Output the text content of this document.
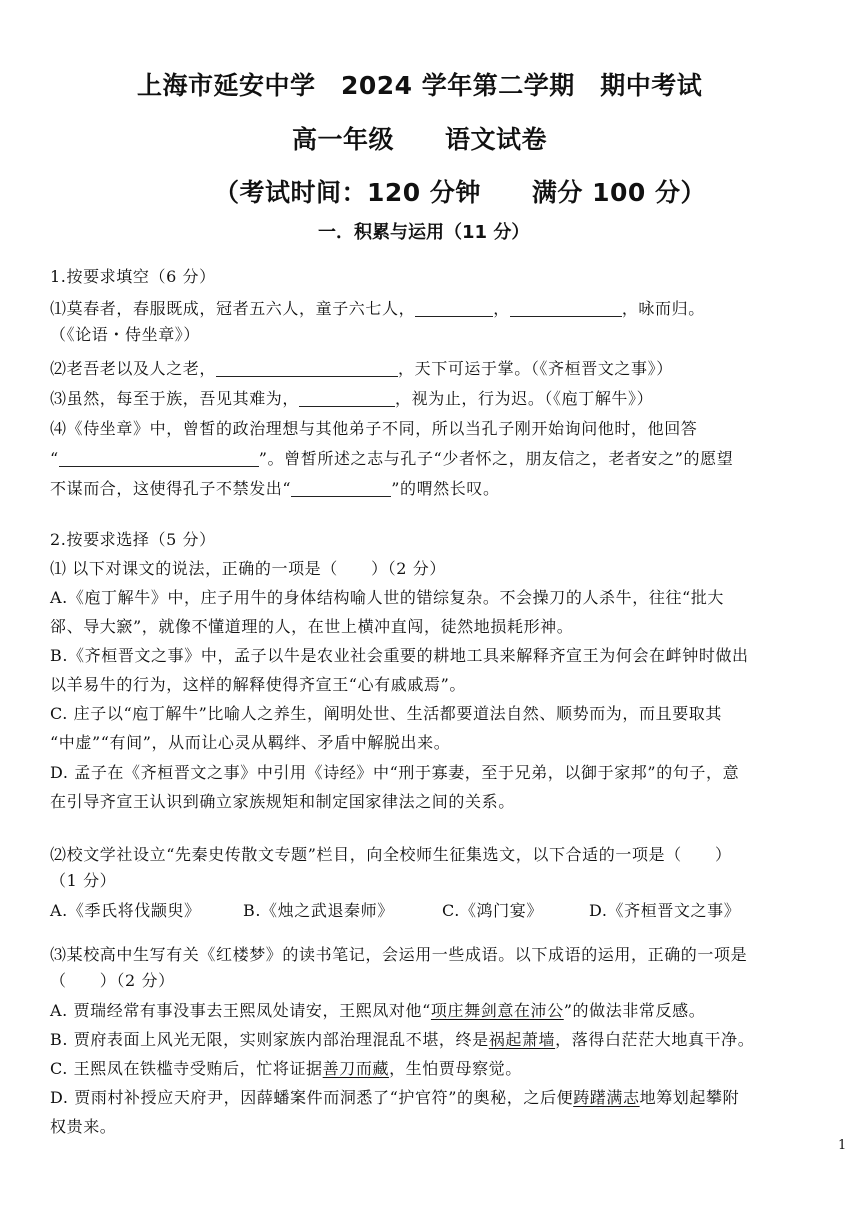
上海市延安中学　2024 学年第二学期　期中考试
高一年级　　语文试卷
（考试时间：120 分钟　　满分 100 分）
一．积累与运用（11 分）
1.按要求填空（6 分）
⑴莫春者，春服既成，冠者五六人，童子六七人，	，	，咏而归。
（《论语・侍坐章》）
⑵老吾老以及人之老，	，天下可运于掌。（《齐桓晋文之事》）
⑶虽然，每至于族，吾见其难为，	，视为止，行为迟。（《庖丁解牛》）
⑷《侍坐章》中，曾皙的政治理想与其他弟子不同，所以当孔子刚开始询问他时，他回答
“	”。曾皙所述之志与孔子“少者怀之，朋友信之，老者安之”的愿望
不谋而合，这使得孔子不禁发出“	”的喟然长叹。
2.按要求选择（5 分）
⑴ 以下对课文的说法，正确的一项是（　　）（2 分）
A.《庖丁解牛》中，庄子用牛的身体结构喻人世的错综复杂。不会操刀的人杀牛，往往“批大
郤、导大窾”，就像不懂道理的人，在世上横冲直闯，徒然地损耗形神。
B.《齐桓晋文之事》中，孟子以牛是农业社会重要的耕地工具来解释齐宣王为何会在衅钟时做出
以羊易牛的行为，这样的解释使得齐宣王“心有戚戚焉”。
C. 庄子以“庖丁解牛”比喻人之养生，阐明处世、生活都要道法自然、顺势而为，而且要取其
“中虚”“有间”，从而让心灵从羁绊、矛盾中解脱出来。
D. 孟子在《齐桓晋文之事》中引用《诗经》中“刑于寡妻，至于兄弟，以御于家邦”的句子，意
在引导齐宣王认识到确立家族规矩和制定国家律法之间的关系。
⑵校文学社设立“先秦史传散文专题”栏目，向全校师生征集选文，以下合适的一项是（　　）
（1 分）
A.《季氏将伐颛臾》	B.《烛之武退秦师》	C.《鸿门宴》	D.《齐桓晋文之事》
⑶某校高中生写有关《红楼梦》的读书笔记，会运用一些成语。以下成语的运用，正确的一项是
（　　）（2 分）
A. 贾瑞经常有事没事去王熙凤处请安，王熙凤对他“项庄舞剑意在沛公”的做法非常反感。
B. 贾府表面上风光无限，实则家族内部治理混乱不堪，终是祸起萧墙，落得白茫茫大地真干净。
C. 王熙凤在铁槛寺受贿后，忙将证据善刀而藏，生怕贾母察觉。
D. 贾雨村补授应天府尹，因薛蟠案件而洞悉了“护官符”的奥秘，之后便踌躇满志地筹划起攀附
权贵来。
1
